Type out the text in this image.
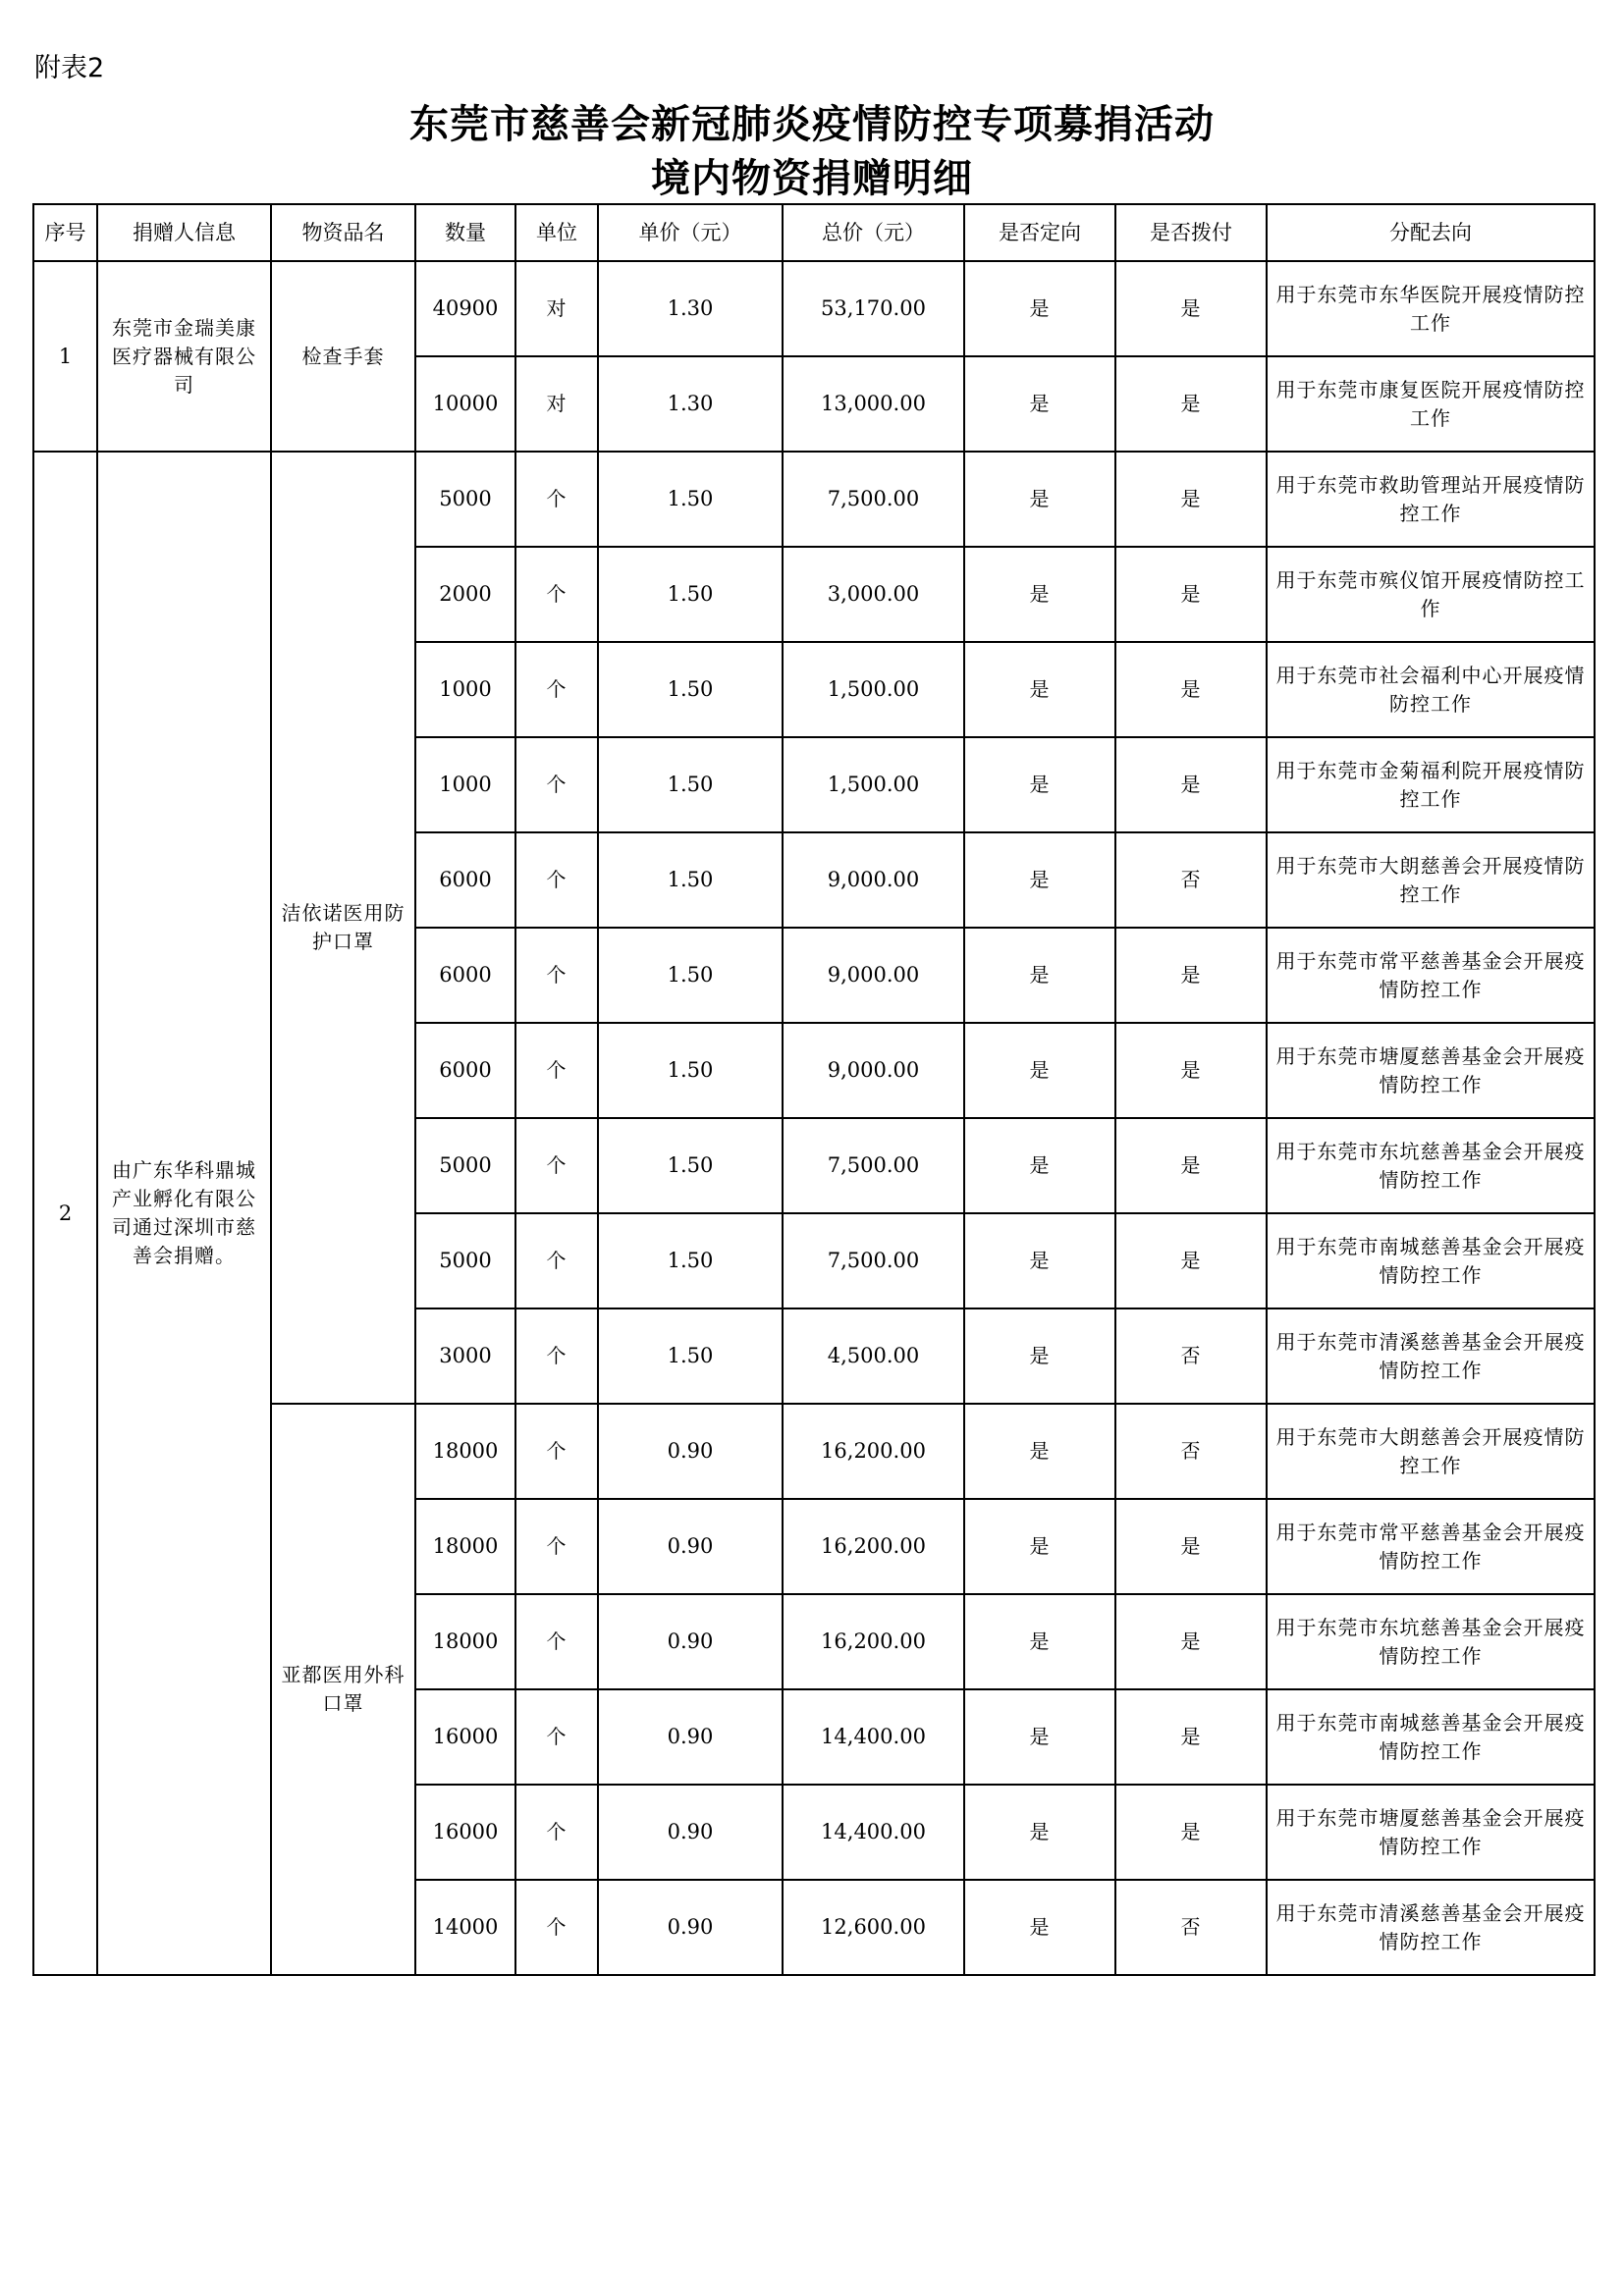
附表2
东莞市慈善会新冠肺炎疫情防控专项募捐活动
境内物资捐赠明细
序号	捐赠人信息	物资品名	数量	单位	单价（元）	总价（元）	是否定向	是否拨付	分配去向
1	东莞市金瑞美康医疗器械有限公司	检查手套	40900	对	1.30	53,170.00	是	是	用于东莞市东华医院开展疫情防控工作
			10000	对	1.30	13,000.00	是	是	用于东莞市康复医院开展疫情防控工作
2	由广东华科鼎城产业孵化有限公司通过深圳市慈善会捐赠。	洁依诺医用防护口罩	5000	个	1.50	7,500.00	是	是	用于东莞市救助管理站开展疫情防控工作
			2000	个	1.50	3,000.00	是	是	用于东莞市殡仪馆开展疫情防控工作
			1000	个	1.50	1,500.00	是	是	用于东莞市社会福利中心开展疫情防控工作
			1000	个	1.50	1,500.00	是	是	用于东莞市金菊福利院开展疫情防控工作
			6000	个	1.50	9,000.00	是	否	用于东莞市大朗慈善会开展疫情防控工作
			6000	个	1.50	9,000.00	是	是	用于东莞市常平慈善基金会开展疫情防控工作
			6000	个	1.50	9,000.00	是	是	用于东莞市塘厦慈善基金会开展疫情防控工作
			5000	个	1.50	7,500.00	是	是	用于东莞市东坑慈善基金会开展疫情防控工作
			5000	个	1.50	7,500.00	是	是	用于东莞市南城慈善基金会开展疫情防控工作
			3000	个	1.50	4,500.00	是	否	用于东莞市清溪慈善基金会开展疫情防控工作
		亚都医用外科口罩	18000	个	0.90	16,200.00	是	否	用于东莞市大朗慈善会开展疫情防控工作
			18000	个	0.90	16,200.00	是	是	用于东莞市常平慈善基金会开展疫情防控工作
			18000	个	0.90	16,200.00	是	是	用于东莞市东坑慈善基金会开展疫情防控工作
			16000	个	0.90	14,400.00	是	是	用于东莞市南城慈善基金会开展疫情防控工作
			16000	个	0.90	14,400.00	是	是	用于东莞市塘厦慈善基金会开展疫情防控工作
			14000	个	0.90	12,600.00	是	否	用于东莞市清溪慈善基金会开展疫情防控工作
